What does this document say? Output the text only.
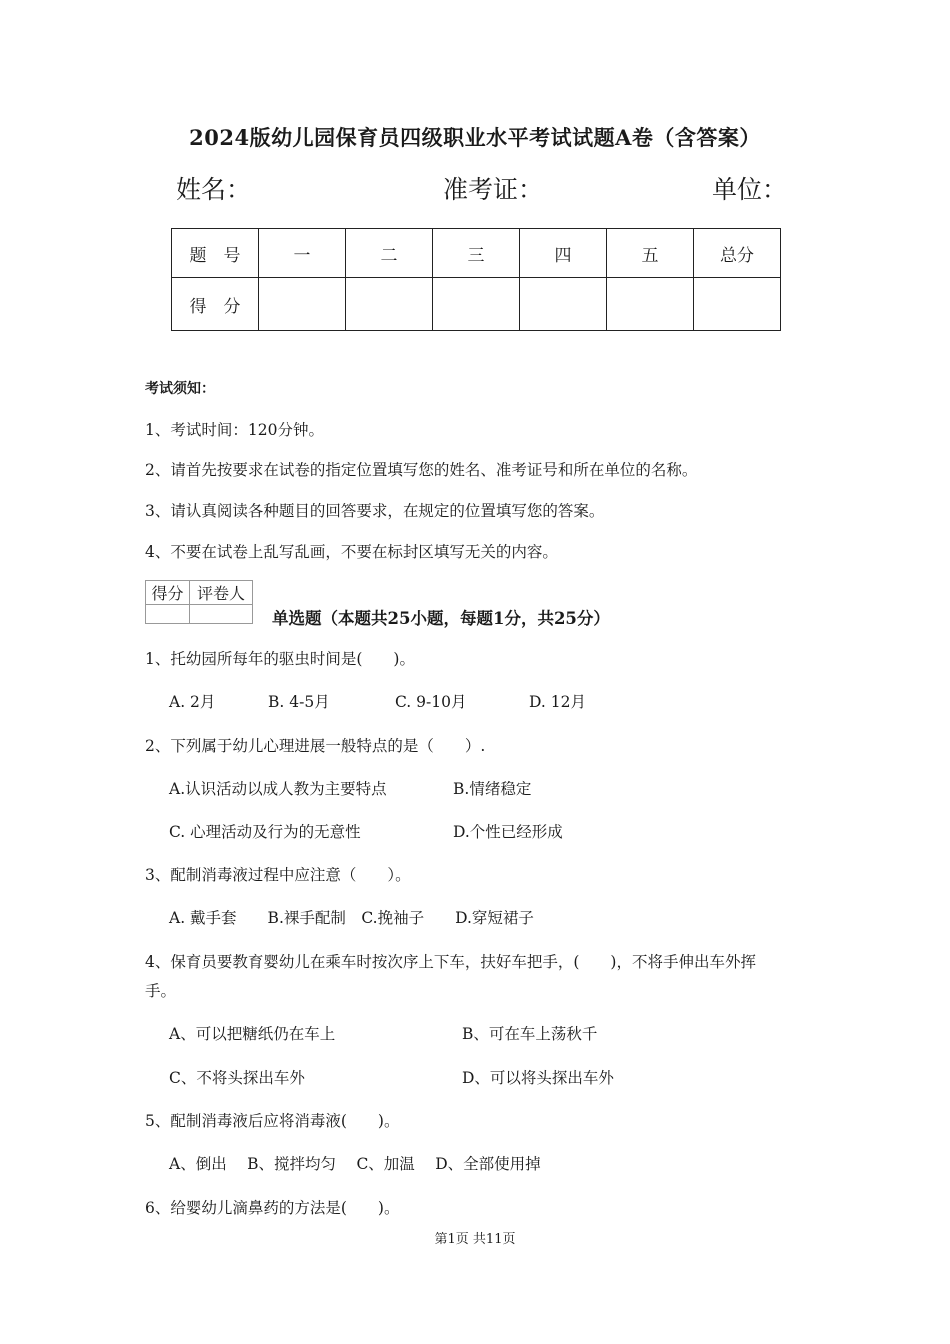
2024版幼儿园保育员四级职业水平考试试题A卷（含答案）
姓名：	准考证：	单位：
题　号	一	二	三	四	五	总分
得　分						
考试须知：
1、考试时间：120分钟。
2、请首先按要求在试卷的指定位置填写您的姓名、准考证号和所在单位的名称。
3、请认真阅读各种题目的回答要求，在规定的位置填写您的答案。
4、不要在试卷上乱写乱画，不要在标封区填写无关的内容。
得分	评卷人

单选题（本题共25小题，每题1分，共25分）
1、托幼园所每年的驱虫时间是(　　)。
A. 2月	B. 4-5月	C. 9-10月	D. 12月
2、下列属于幼儿心理进展一般特点的是（　　）.
A.认识活动以成人教为主要特点	B.情绪稳定
C. 心理活动及行为的无意性	D.个性已经形成
3、配制消毒液过程中应注意（　　）。
A. 戴手套　　B.裸手配制　C.挽袖子　　D.穿短裙子
4、保育员要教育婴幼儿在乘车时按次序上下车，扶好车把手，(　　)，不将手伸出车外挥
手。
A、可以把糖纸仍在车上	B、可在车上荡秋千
C、不将头探出车外	D、可以将头探出车外
5、配制消毒液后应将消毒液(　　)。
A、倒出　 B、搅拌均匀　 C、加温　 D、全部使用掉
6、给婴幼儿滴鼻药的方法是(　　)。
第1页 共11页
